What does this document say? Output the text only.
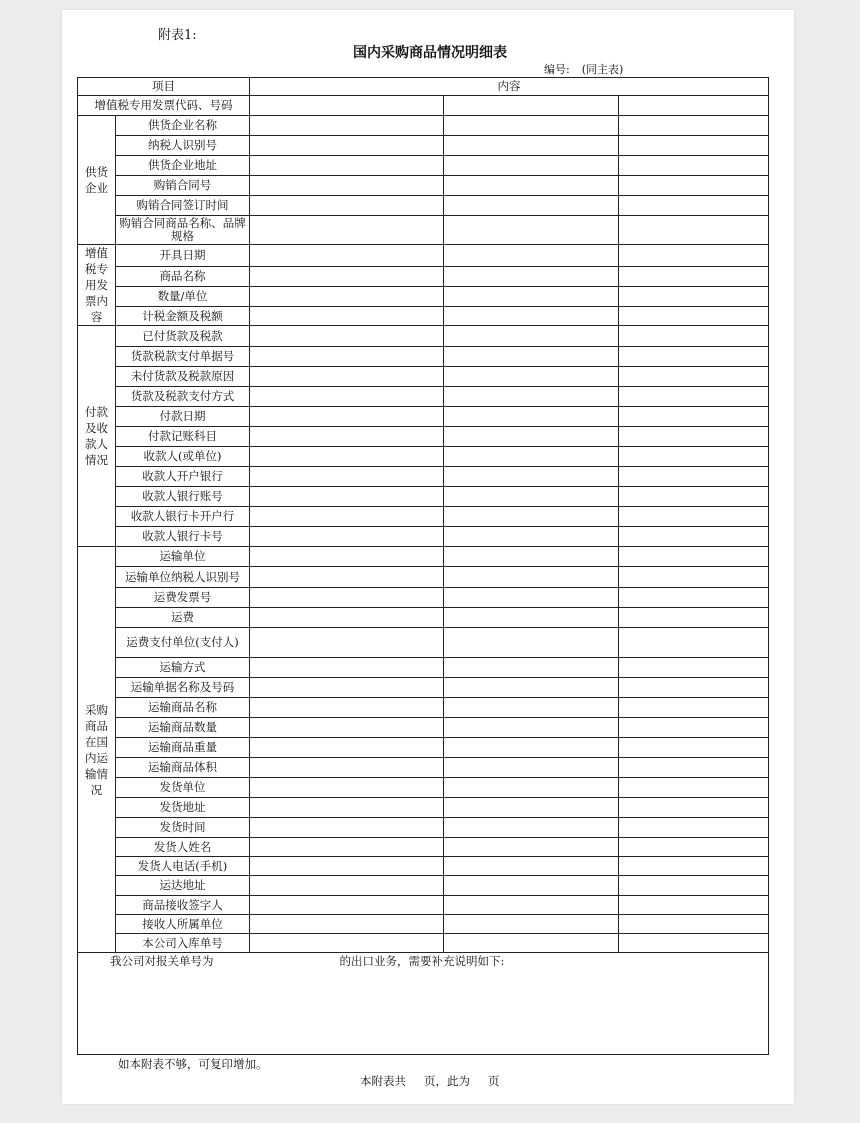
附表1:
国内采购商品情况明细表
编号: (同主表)
项目		内容		
增值税专用发票代码、号码				
供货企业	供货企业名称			
	纳税人识别号			
	供货企业地址			
	购销合同号			
	购销合同签订时间			
	购销合同商品名称、品牌规格			
增值税专用发票内容	开具日期			
	商品名称			
	数量/单位			
	计税金额及税额			
付款及收款人情况	已付货款及税款			
	货款税款支付单据号			
	未付货款及税款原因			
	货款及税款支付方式			
	付款日期			
	付款记账科目			
	收款人(或单位)			
	收款人开户银行			
	收款人银行账号			
	收款人银行卡开户行			
	收款人银行卡号			
采购商品在国内运输情况	运输单位			
	运输单位纳税人识别号			
	运费发票号			
	运费			
	运费支付单位(支付人)			
	运输方式			
	运输单据名称及号码			
	运输商品名称			
	运输商品数量			
	运输商品重量			
	运输商品体积			
	发货单位			
	发货地址			
	发货时间			
	发货人姓名			
	发货人电话(手机)			
	运达地址			
	商品接收签字人			
	接收人所属单位			
	本公司入库单号			
我公司对报关单号为 的出口业务，需要补充说明如下:				
如本附表不够，可复印增加。
本附表共 页，此为 页
